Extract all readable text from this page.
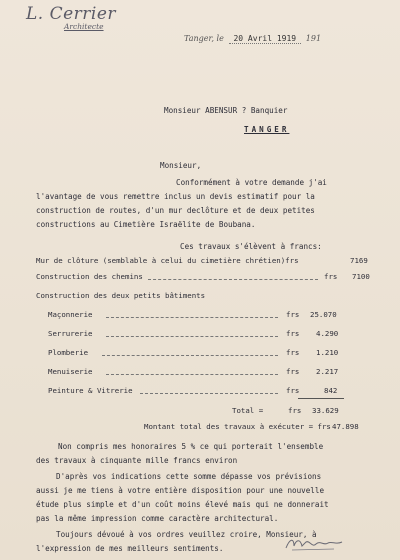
L. Cerrier
Architecte
Tanger, le 20 Avril 1919 191
Monsieur ABENSUR ? Banquier
TANGER
Monsieur,
Conformément à votre demande j'ai
l'avantage de vous remettre inclus un devis estimatif pour la
construction de routes, d'un mur declôture et de deux petites
constructions au Cimetière Israëlite de Boubana.
Ces travaux s'élèvent à francs:
Mur de clôture (semblable à celui du cimetière chrétien)frs	7169
Construction des chemins	frs 7100
Construction des deux petits bâtiments
Maçonnerie	frs 25.070
Serrurerie	frs 4.290
Plomberie	frs 1.210
Menuiserie	frs 2.217
Peinture & Vitrerie	frs	842
Total =	frs 33.629
Montant total des travaux à exécuter = frs 47.898
Non compris mes honoraires 5 % ce qui porterait l'ensemble
des travaux à cinquante mille francs environ
D'après vos indications cette somme dépasse vos prévisions
aussi je me tiens à votre entière disposition pour une nouvelle
étude plus simple et d'un coût moins élevé mais qui ne donnerait
pas la même impression comme caractère architectural.
Toujours dévoué à vos ordres veuillez croire, Monsieur, à
l'expression de mes meilleurs sentiments.
